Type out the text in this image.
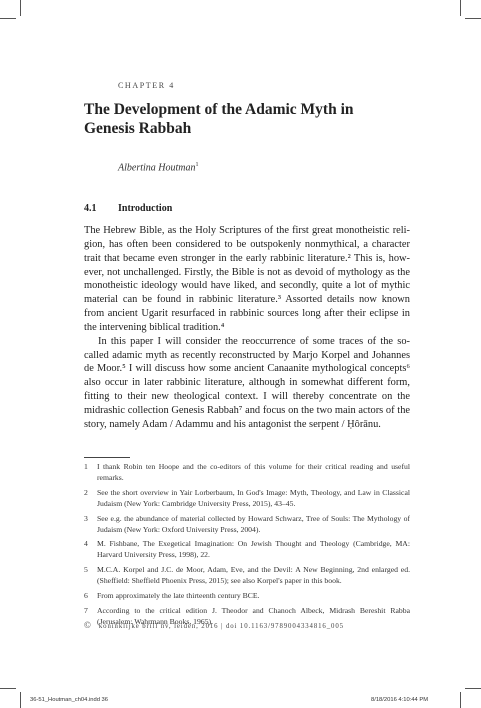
CHAPTER 4
The Development of the Adamic Myth in
Genesis Rabbah
Albertina Houtman$^1$
4.1 Introduction

The Hebrew Bible, as the Holy Scriptures of the first great monotheistic reli- gion, has often been considered to be outspokenly nonmythical, a character trait that became even stronger in the early rabbinic literature.² This is, how- ever, not unchallenged. Firstly, the Bible is not as devoid of mythology as the monotheistic ideology would have liked, and secondly, quite a lot of mythic material can be found in rabbinic literature.³ Assorted details now known from ancient Ugarit resurfaced in rabbinic sources long after their eclipse in the intervening biblical tradition.⁴

In this paper I will consider the reoccurrence of some traces of the so-called adamic myth as recently reconstructed by Marjo Korpel and Johannes de Moor.⁵ I will discuss how some ancient Canaanite mythological concepts⁶ also occur in later rabbinic literature, although in somewhat different form, fitting to their new theological context. I will thereby concentrate on the midrashic collection Genesis Rabbah⁷ and focus on the two main actors of the story, namely Adam / Adammu and his antagonist the serpent / Ḥôrānu.

1	I thank Robin ten Hoope and the co-editors of this volume for their critical reading and useful remarks.
2	See the short overview in Yair Lorberbaum, In God's Image: Myth, Theology, and Law in Classical Judaism (New York: Cambridge University Press, 2015), 43–45.
3	See e.g. the abundance of material collected by Howard Schwarz, Tree of Souls: The Mythology of Judaism (New York: Oxford University Press, 2004).
4	M. Fishbane, The Exegetical Imagination: On Jewish Thought and Theology (Cambridge, MA: Harvard University Press, 1998), 22.
5	M.C.A. Korpel and J.C. de Moor, Adam, Eve, and the Devil: A New Beginning, 2nd enlarged ed. (Sheffield: Sheffield Phoenix Press, 2015); see also Korpel's paper in this book.
6	From approximately the late thirteenth century BCE.
7	According to the critical edition J. Theodor and Chanoch Albeck, Midrash Bereshit Rabba (Jerusalem: Wahrmann Books, 1965).
© koninklijke brill nv, leiden, 2016 | doi 10.1163/9789004334816_005
36-51_Houtman_ch04.indd 36	8/18/2016 4:10:44 PM
